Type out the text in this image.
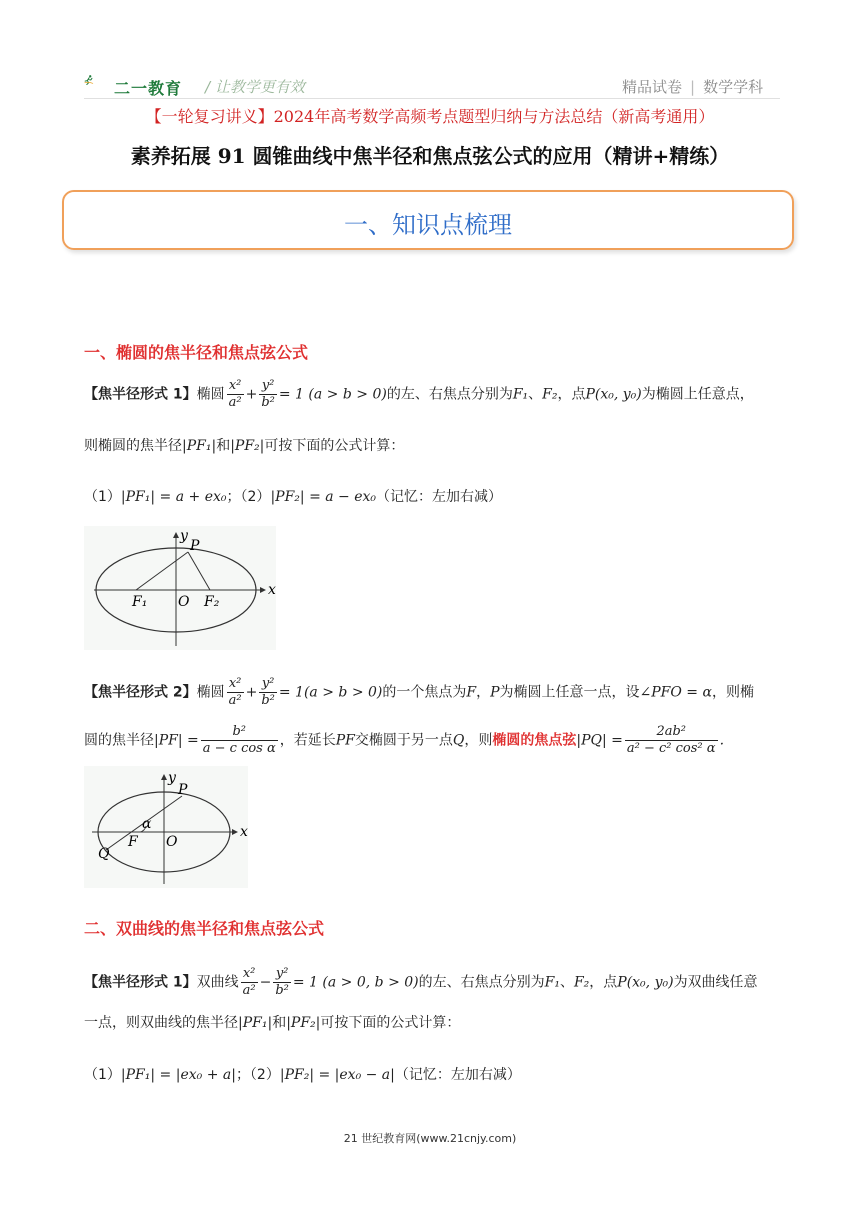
二一教育 / 让教学更有效	精品试卷 | 数学学科
【一轮复习讲义】2024年高考数学高频考点题型归纳与方法总结（新高考通用）
素养拓展 91 圆锥曲线中焦半径和焦点弦公式的应用（精讲+精练）
一、知识点梳理
一、椭圆的焦半径和焦点弦公式
【焦半径形式 1】椭圆 $\frac{\text{x²}}{\text{a²}} + \frac{\text{y²}}{\text{b²}} = 1$ (a > b > 0)的左、右焦点分别为F₁、F₂，点P(x₀, y₀)为椭圆上任意点，
则椭圆的焦半径|PF₁|和|PF₂|可按下面的公式计算：
（1）|PF₁| = a + ex₀；（2）|PF₂| = a − ex₀（记忆：左加右减）
x
y
P
F₁ O F₂
【焦半径形式 2】椭圆 $\frac{\text{x²}}{\text{a²}} + \frac{\text{y²}}{\text{b²}} = 1(a > b > 0)$的一个焦点为F，P为椭圆上任意一点，设∠PFO = α，则椭
圆的焦半径$|PF| = \frac{\text{b²}}{\text{a − c cos α}}$ ，若延长PF交椭圆于另一点Q，则椭圆的焦点弦$|PQ| = \frac{\text{2ab²}}{\text{a² − c² cos² α}}$ .
x
y
P
Q
F O
α
二、双曲线的焦半径和焦点弦公式
【焦半径形式 1】双曲线 $\frac{\text{x²}}{\text{a²}} - \frac{\text{y²}}{\text{b²}} = 1$ (a > 0, b > 0)的左、右焦点分别为F₁、F₂，点P(x₀, y₀)为双曲线任意
一点，则双曲线的焦半径|PF₁|和|PF₂|可按下面的公式计算：
（1）|PF₁| = |ex₀ + a|；（2）|PF₂| = |ex₀ − a|（记忆：左加右减）
21 世纪教育网(www.21cnjy.com)
